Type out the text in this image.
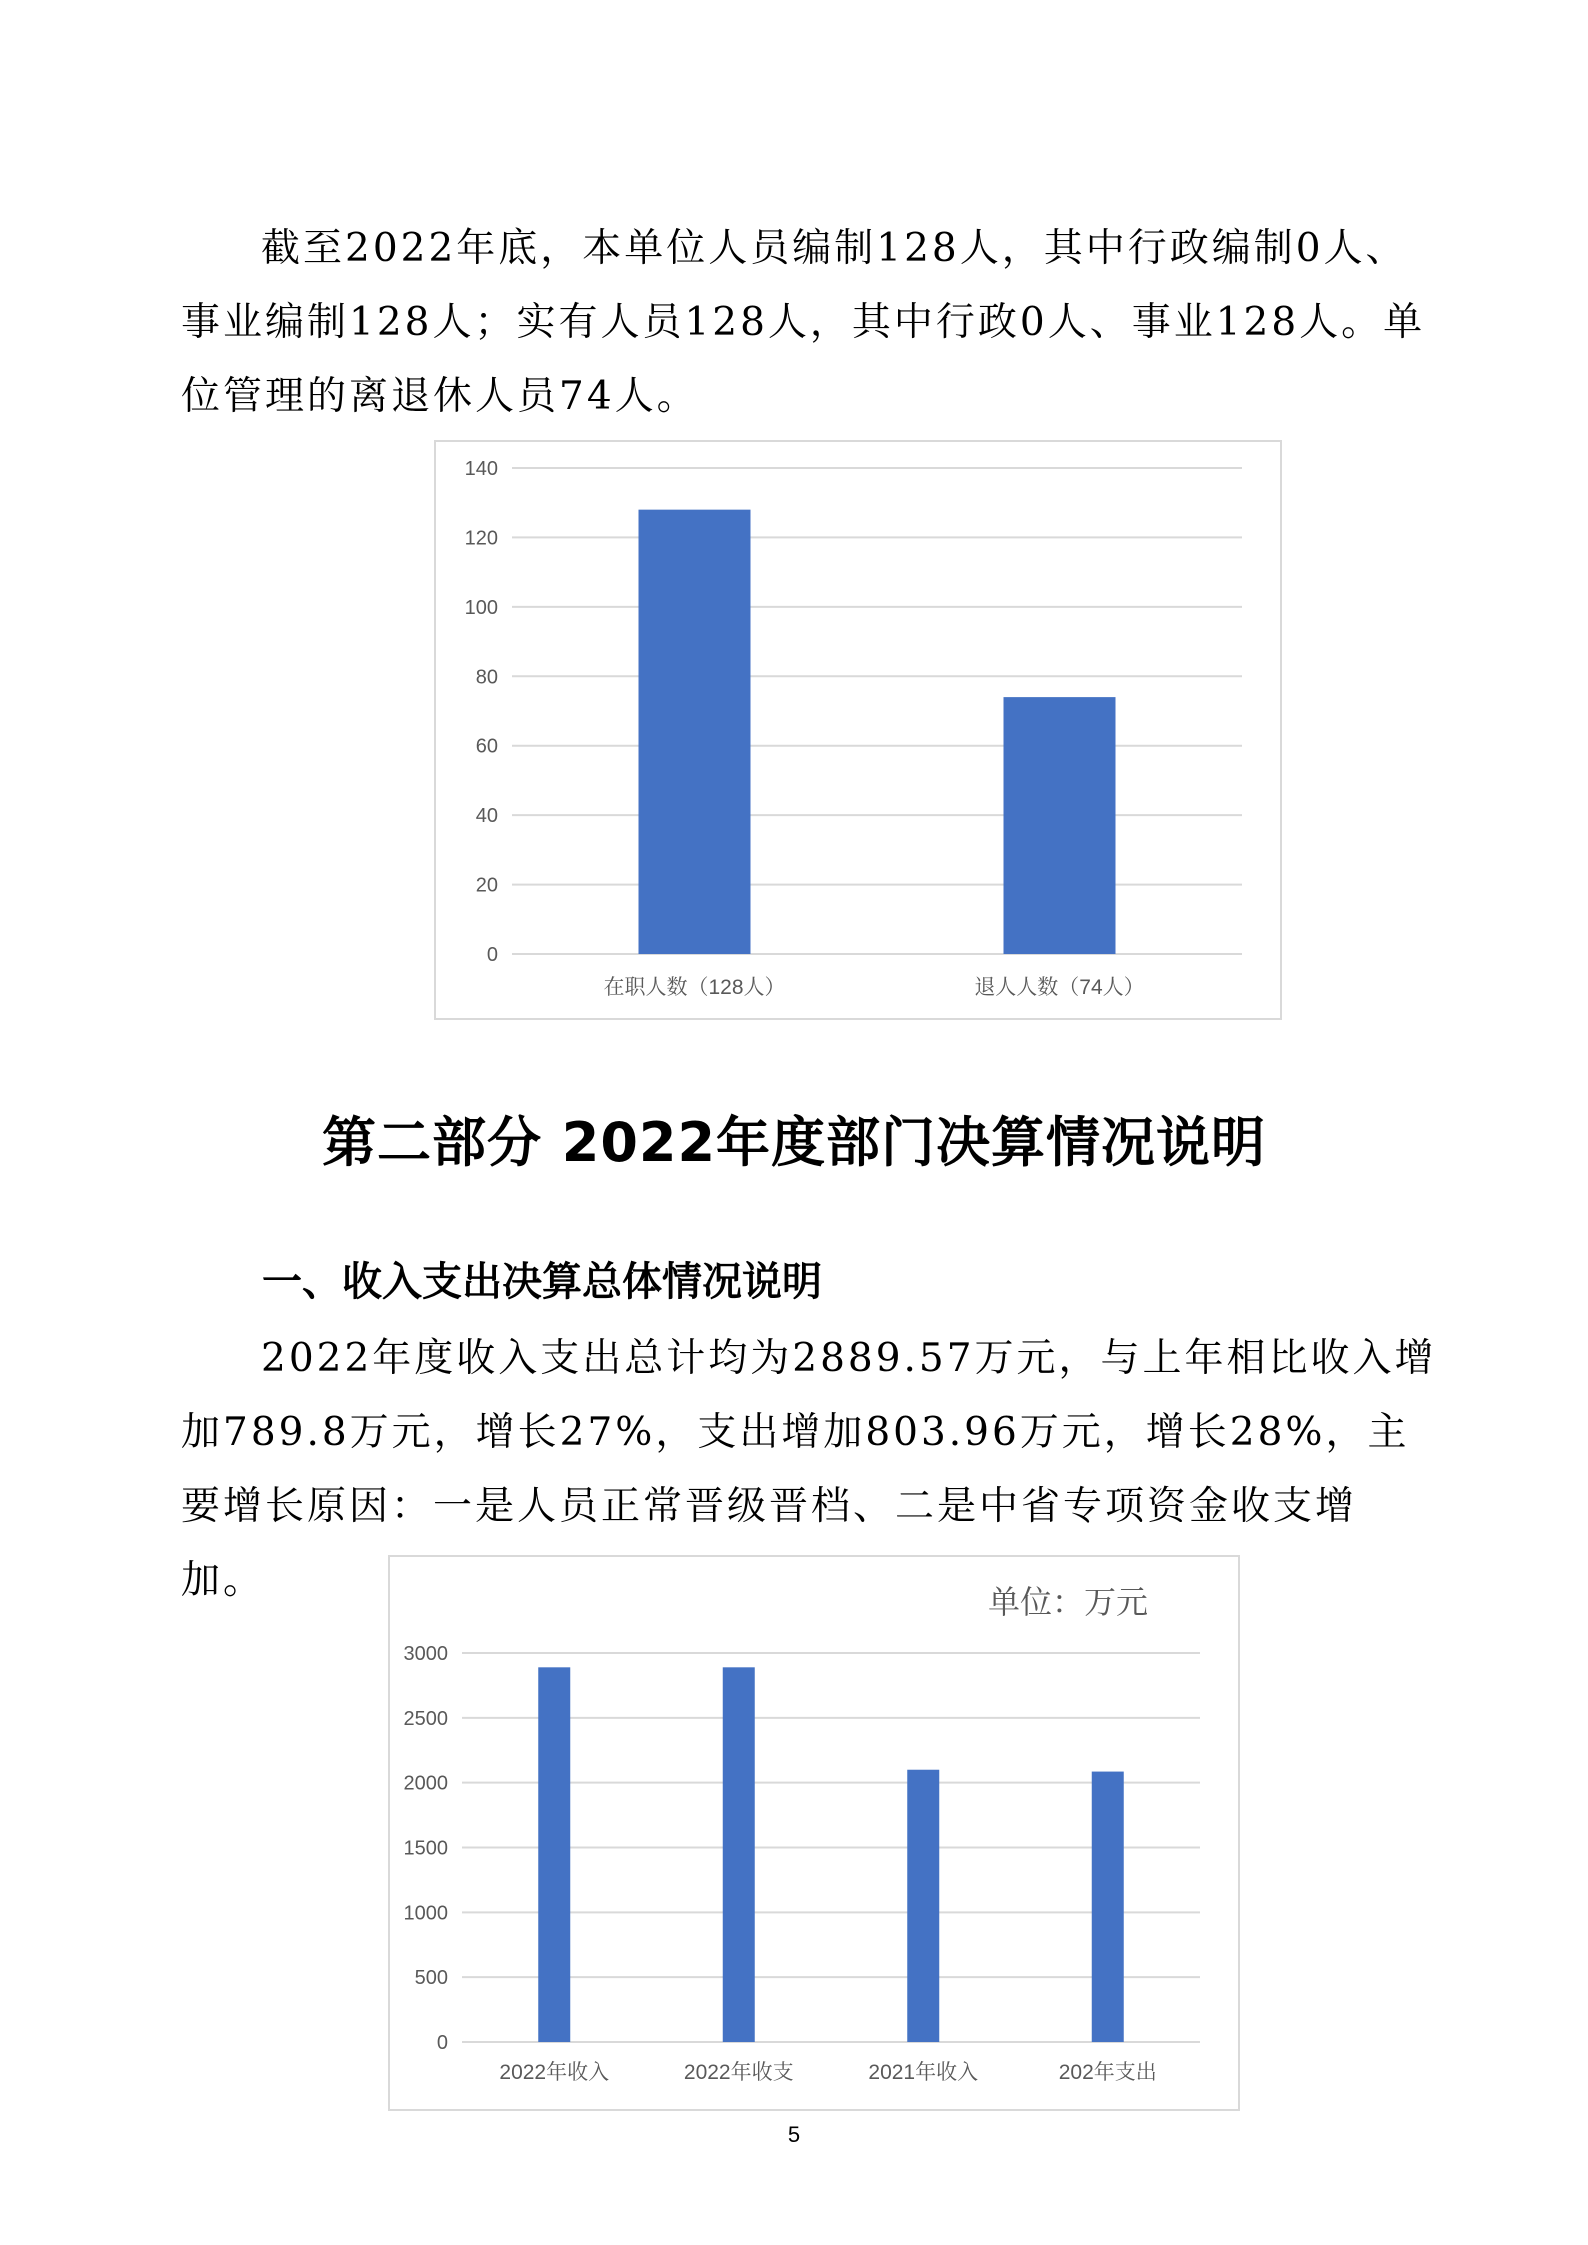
截至2022年底，本单位人员编制128人，其中行政编制0人、事业编制128人；实有人员128人，其中行政0人、事业128人。单位管理的离退休人员74人。

0
20
40
60
80
100
120
140
在职人数（128人）	退人人数（74人）
第二部分 2022年度部门决算情况说明
一、收入支出决算总体情况说明

2022年度收入支出总计均为2889.57万元，与上年相比收入增加789.8万元，增长27%，支出增加803.96万元，增长28%，主要增长原因：一是人员正常晋级晋档、二是中省专项资金收支增加。

0
500
1000
1500
2000
2500
3000
2022年收入	2022年收支	2021年收入	202年支出
单位：万元

5
